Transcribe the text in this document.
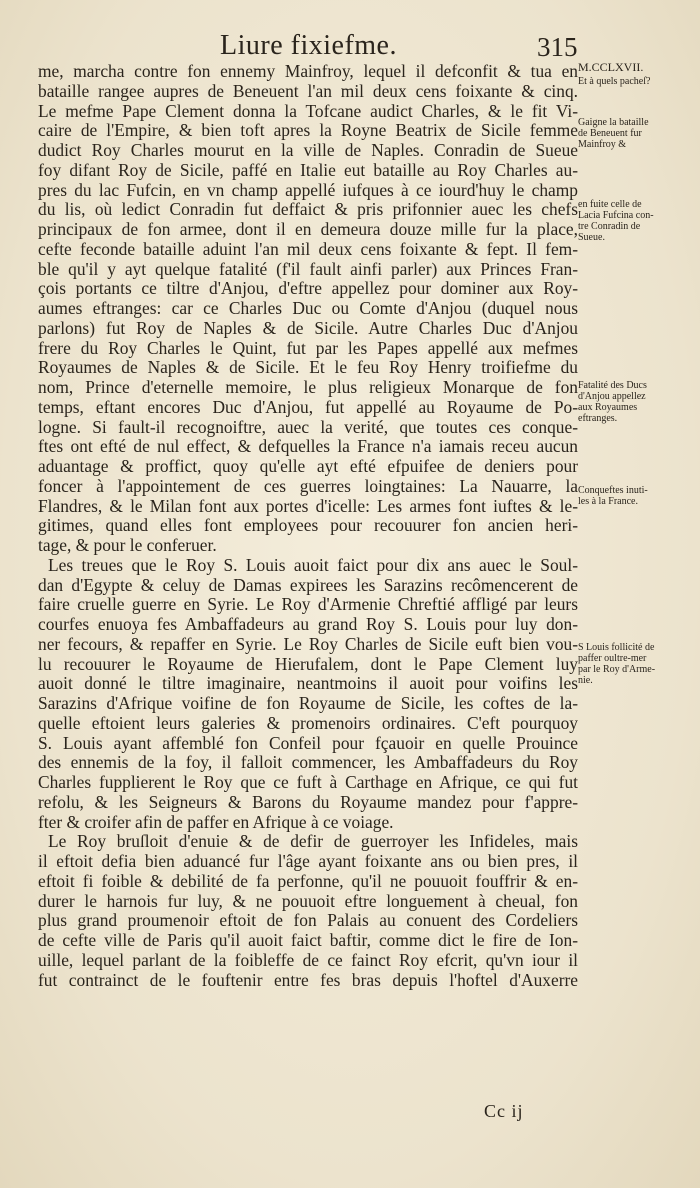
Liure fixiefme.	315
me, marcha contre fon ennemy Mainfroy, lequel il defconfit & tua en
bataille rangee aupres de Beneuent l'an mil deux cens foixante & cinq.
Le mefme Pape Clement donna la Tofcane audict Charles, & le fit Vi-
caire de l'Empire, & bien toft apres la Royne Beatrix de Sicile femme
dudict Roy Charles mourut en la ville de Naples. Conradin de Sueue
foy difant Roy de Sicile, paffé en Italie eut bataille au Roy Charles au-
pres du lac Fufcin, en vn champ appellé iufques à ce iourd'huy le champ
du lis, où ledict Conradin fut deffaict & pris prifonnier auec les chefs
principaux de fon armee, dont il en demeura douze mille fur la place,
cefte feconde bataille aduint l'an mil deux cens foixante & fept. Il fem-
ble qu'il y ayt quelque fatalité (f'il fault ainfi parler) aux Princes Fran-
çois portants ce tiltre d'Anjou, d'eftre appellez pour dominer aux Roy-
aumes eftranges: car ce Charles Duc ou Comte d'Anjou (duquel nous
parlons) fut Roy de Naples & de Sicile. Autre Charles Duc d'Anjou
frere du Roy Charles le Quint, fut par les Papes appellé aux mefmes
Royaumes de Naples & de Sicile. Et le feu Roy Henry troifiefme du
nom, Prince d'eternelle memoire, le plus religieux Monarque de fon
temps, eftant encores Duc d'Anjou, fut appellé au Royaume de Po-
logne. Si fault-il recognoiftre, auec la verité, que toutes ces conque-
ftes ont efté de nul effect, & defquelles la France n'a iamais receu aucun
aduantage & proffict, quoy qu'elle ayt efté efpuifee de deniers pour
foncer à l'appointement de ces guerres loingtaines: La Nauarre, la
Flandres, & le Milan font aux portes d'icelle: Les armes font iuftes & le-
gitimes, quand elles font employees pour recouurer fon ancien heri-
tage, & pour le conferuer.
Les treues que le Roy S. Louis auoit faict pour dix ans auec le Soul-
dan d'Egypte & celuy de Damas expirees les Sarazins recômencerent de
faire cruelle guerre en Syrie. Le Roy d'Armenie Chreftié affligé par leurs
courfes enuoya fes Ambaffadeurs au grand Roy S. Louis pour luy don-
ner fecours, & repaffer en Syrie. Le Roy Charles de Sicile euft bien vou-
lu recouurer le Royaume de Hierufalem, dont le Pape Clement luy
auoit donné le tiltre imaginaire, neantmoins il auoit pour voifins les
Sarazins d'Afrique voifine de fon Royaume de Sicile, les coftes de la-
quelle eftoient leurs galeries & promenoirs ordinaires. C'eft pourquoy
S. Louis ayant affemblé fon Confeil pour fçauoir en quelle Prouince
des ennemis de la foy, il falloit commencer, les Ambaffadeurs du Roy
Charles fupplierent le Roy que ce fuft à Carthage en Afrique, ce qui fut
refolu, & les Seigneurs & Barons du Royaume mandez pour f'appre-
fter & croifer afin de paffer en Afrique à ce voiage.
Le Roy bruſloit d'enuie & de defir de guerroyer les Infideles, mais
il eftoit defia bien aduancé fur l'âge ayant foixante ans ou bien pres, il
eftoit fi foible & debilité de fa perfonne, qu'il ne pouuoit fouffrir & en-
durer le harnois fur luy, & ne pouuoit eftre longuement à cheual, fon
plus grand proumenoir eftoit de fon Palais au conuent des Cordeliers
de cefte ville de Paris qu'il auoit faict baftir, comme dict le fire de Ion-
uille, lequel parlant de la foibleffe de ce fainct Roy efcrit, qu'vn iour il
fut contrainct de le fouftenir entre fes bras depuis l'hoftel d'Auxerre
M.CCLXVII.
Et à quels pacheſ?
Gaigne la bataille
de Beneuent fur
Mainfroy &
en fuite celle de
Lacia Fufcina con-
tre Conradin de
Sueue.
Fatalité des Ducs
d'Anjou appellez
aux Royaumes
eftranges.
Conqueftes inuti-
les à la France.
S Louis follicité de
paffer oultre-mer
par le Roy d'Arme-
nie.
Cc ij
